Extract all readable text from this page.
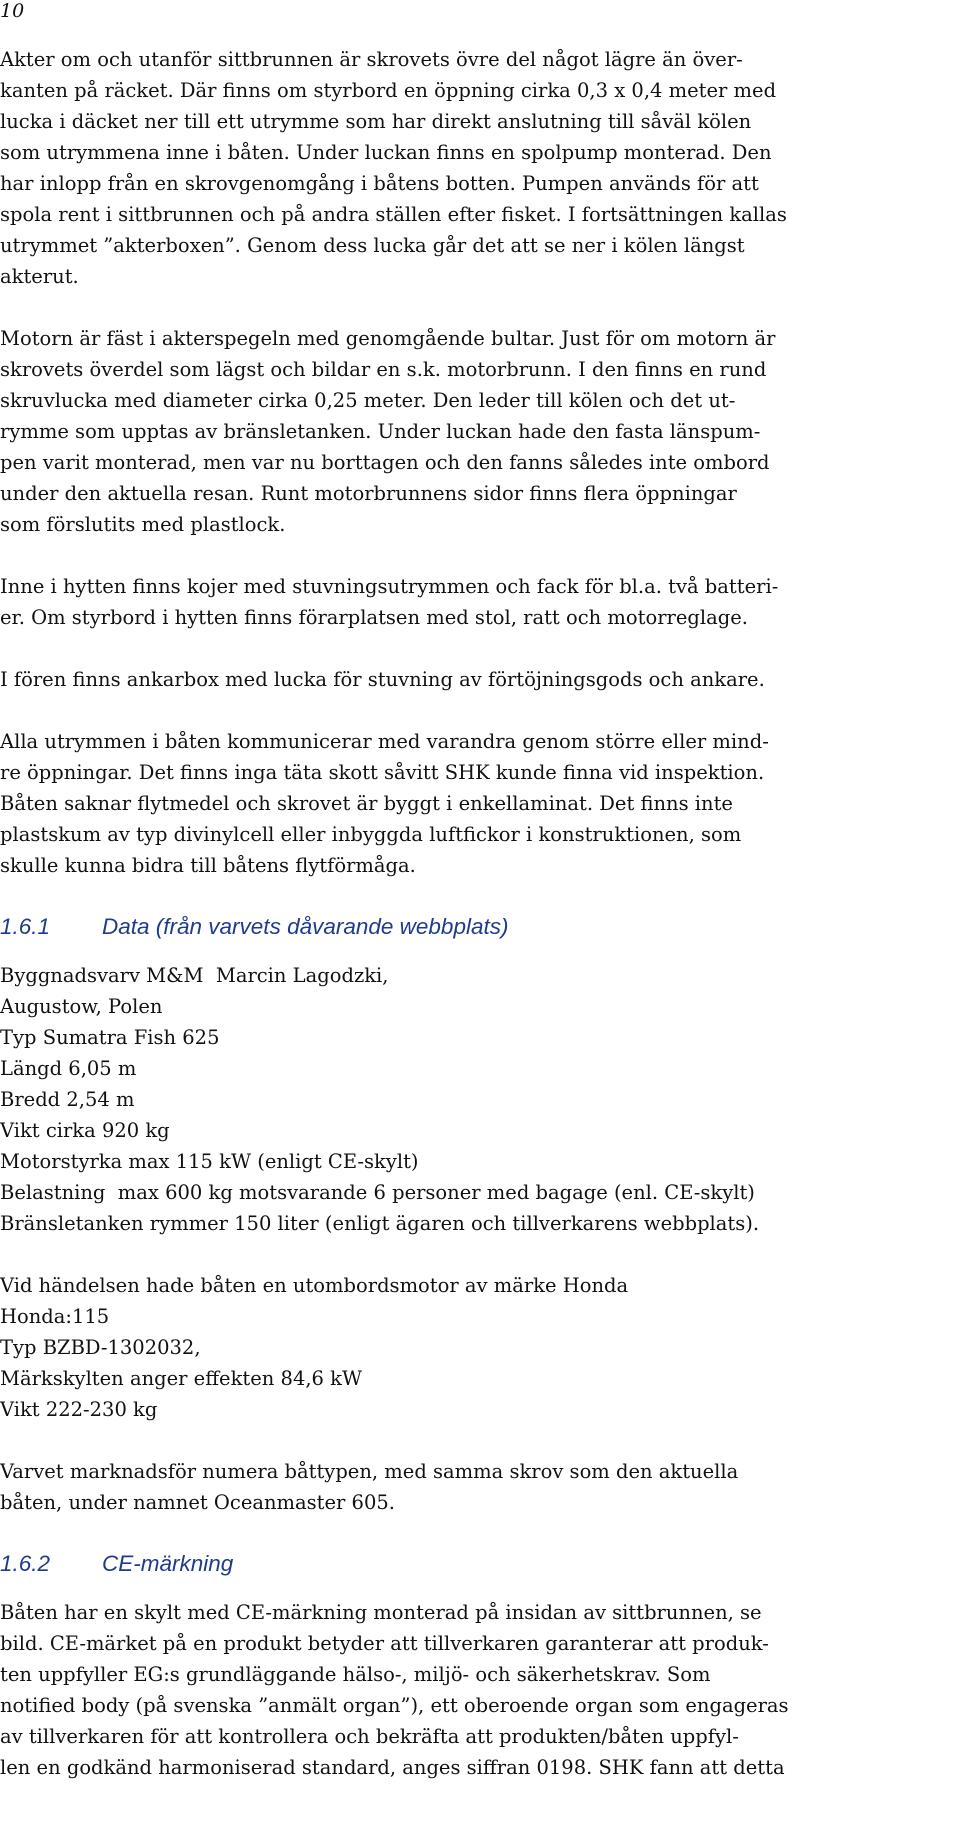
10

Akter om och utanför sittbrunnen är skrovets övre del något lägre än över-
kanten på räcket. Där finns om styrbord en öppning cirka 0,3 x 0,4 meter med
lucka i däcket ner till ett utrymme som har direkt anslutning till såväl kölen
som utrymmena inne i båten. Under luckan finns en spolpump monterad. Den
har inlopp från en skrovgenomgång i båtens botten. Pumpen används för att
spola rent i sittbrunnen och på andra ställen efter fisket. I fortsättningen kallas
utrymmet ”akterboxen”. Genom dess lucka går det att se ner i kölen längst
akterut.

Motorn är fäst i akterspegeln med genomgående bultar. Just för om motorn är
skrovets överdel som lägst och bildar en s.k. motorbrunn. I den finns en rund
skruvlucka med diameter cirka 0,25 meter. Den leder till kölen och det ut-
rymme som upptas av bränsletanken. Under luckan hade den fasta länspum-
pen varit monterad, men var nu borttagen och den fanns således inte ombord
under den aktuella resan. Runt motorbrunnens sidor finns flera öppningar
som förslutits med plastlock.

Inne i hytten finns kojer med stuvningsutrymmen och fack för bl.a. två batteri-
er. Om styrbord i hytten finns förarplatsen med stol, ratt och motorreglage.

I fören finns ankarbox med lucka för stuvning av förtöjningsgods och ankare.

Alla utrymmen i båten kommunicerar med varandra genom större eller mind-
re öppningar. Det finns inga täta skott såvitt SHK kunde finna vid inspektion.
Båten saknar flytmedel och skrovet är byggt i enkellaminat. Det finns inte
plastskum av typ divinylcell eller inbyggda luftfickor i konstruktionen, som
skulle kunna bidra till båtens flytförmåga.

1.6.1 Data (från varvets dåvarande webbplats)
Byggnadsvarv M&M  Marcin Lagodzki,
Augustow, Polen
Typ Sumatra Fish 625
Längd 6,05 m
Bredd 2,54 m
Vikt cirka 920 kg
Motorstyrka max 115 kW (enligt CE-skylt)
Belastning  max 600 kg motsvarande 6 personer med bagage (enl. CE-skylt)
Bränsletanken rymmer 150 liter (enligt ägaren och tillverkarens webbplats).
Vid händelsen hade båten en utombordsmotor av märke Honda
Honda:115
Typ BZBD-1302032,
Märkskylten anger effekten 84,6 kW
Vikt 222-230 kg

Varvet marknadsför numera båttypen, med samma skrov som den aktuella
båten, under namnet Oceanmaster 605.

1.6.2 CE-märkning

Båten har en skylt med CE-märkning monterad på insidan av sittbrunnen, se
bild. CE-märket på en produkt betyder att tillverkaren garanterar att produk-
ten uppfyller EG:s grundläggande hälso-, miljö- och säkerhetskrav. Som
notified body (på svenska ”anmält organ”), ett oberoende organ som engageras
av tillverkaren för att kontrollera och bekräfta att produkten/båten uppfyl-
len en godkänd harmoniserad standard, anges siffran 0198. SHK fann att detta
